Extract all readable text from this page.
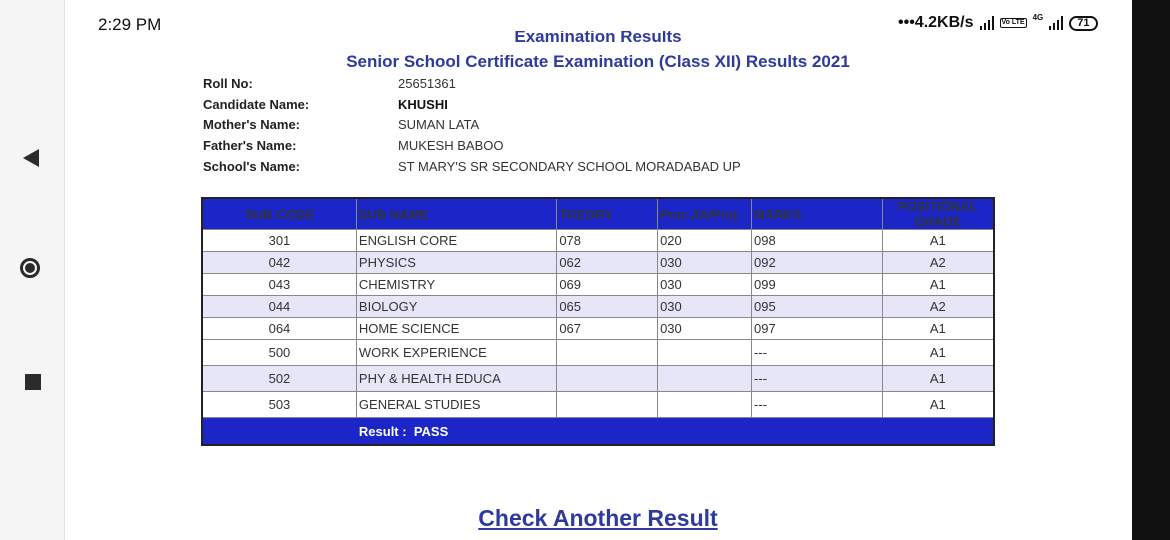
2:29 PM	•••4.2KB/s	Vo LTE
4G	71
Examination Results
Senior School Certificate Examination (Class XII) Results 2021
Roll No:	25651361
Candidate Name:	KHUSHI
Mother's Name:	SUMAN LATA
Father's Name:	MUKESH BABOO
School's Name:	ST MARY'S SR SECONDARY SCHOOL MORADABAD UP
SUB CODE	SUB NAME	THEORY	Prac./IA/Proj.	MARKS	POSITIONAL GRADE
301	ENGLISH CORE	078	020	098	A1
042	PHYSICS	062	030	092	A2
043	CHEMISTRY	069	030	099	A1
044	BIOLOGY	065	030	095	A2
064	HOME SCIENCE	067	030	097	A1
500	WORK EXPERIENCE			---	A1
502	PHY & HEALTH EDUCA			---	A1
503	GENERAL STUDIES			---	A1
	Result : PASS				
Check Another Result
